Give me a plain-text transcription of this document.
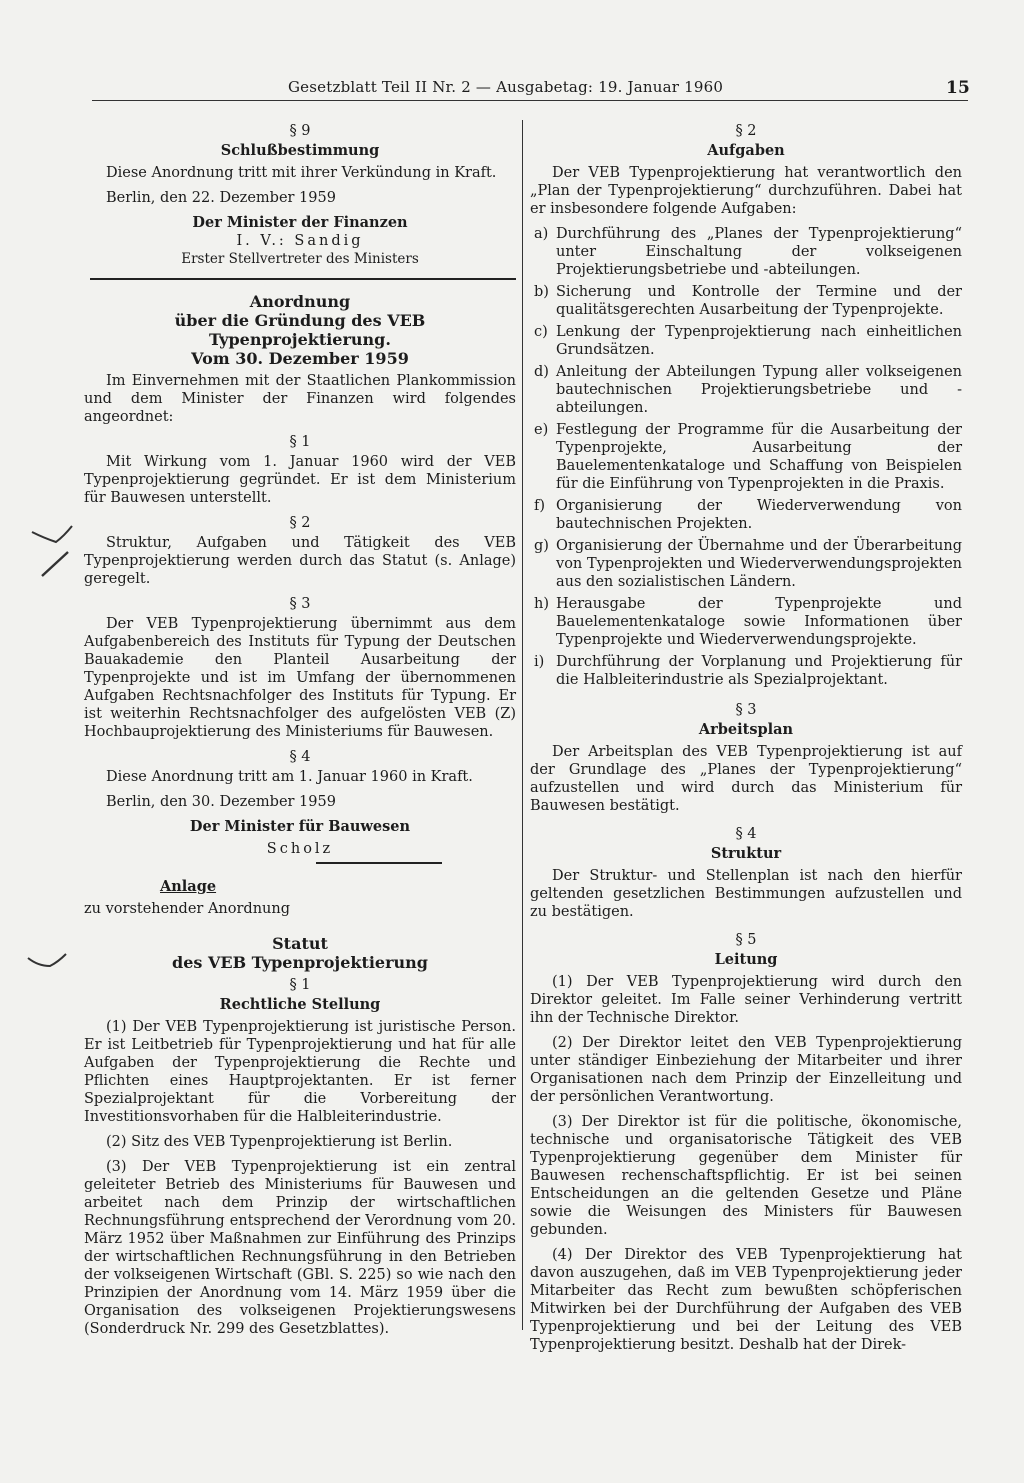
Gesetzblatt Teil II Nr. 2 — Ausgabetag: 19. Januar 1960	15
§ 9
Schlußbestimmung

Diese Anordnung tritt mit ihrer Verkündung in Kraft.

Berlin, den 22. Dezember 1959

Der Minister der Finanzen
I. V.: Sandig
Erster Stellvertreter des Ministers
Anordnung
über die Gründung des VEB Typenprojektierung.
Vom 30. Dezember 1959

Im Einvernehmen mit der Staatlichen Plankommission und dem Minister der Finanzen wird folgendes angeordnet:

§ 1

Mit Wirkung vom 1. Januar 1960 wird der VEB Typenprojektierung gegründet. Er ist dem Ministerium für Bauwesen unterstellt.

§ 2

Struktur, Aufgaben und Tätigkeit des VEB Typenprojektierung werden durch das Statut (s. Anlage) geregelt.

§ 3

Der VEB Typenprojektierung übernimmt aus dem Aufgabenbereich des Instituts für Typung der Deutschen Bauakademie den Planteil Ausarbeitung der Typenprojekte und ist im Umfang der übernommenen Aufgaben Rechtsnachfolger des Instituts für Typung. Er ist weiterhin Rechtsnachfolger des aufgelösten VEB (Z) Hochbauprojektierung des Ministeriums für Bauwesen.

§ 4

Diese Anordnung tritt am 1. Januar 1960 in Kraft.

Berlin, den 30. Dezember 1959

Der Minister für Bauwesen
Scholz
Anlage

zu vorstehender Anordnung

Statut
des VEB Typenprojektierung
§ 1
Rechtliche Stellung

(1) Der VEB Typenprojektierung ist juristische Person. Er ist Leitbetrieb für Typenprojektierung und hat für alle Aufgaben der Typenprojektierung die Rechte und Pflichten eines Hauptprojektanten. Er ist ferner Spezialprojektant für die Vorbereitung der Investitionsvorhaben für die Halbleiterindustrie.

(2) Sitz des VEB Typenprojektierung ist Berlin.

(3) Der VEB Typenprojektierung ist ein zentral geleiteter Betrieb des Ministeriums für Bauwesen und arbeitet nach dem Prinzip der wirtschaftlichen Rechnungsführung entsprechend der Verordnung vom 20. März 1952 über Maßnahmen zur Einführung des Prinzips der wirtschaftlichen Rechnungsführung in den Betrieben der volkseigenen Wirtschaft (GBl. S. 225) so wie nach den Prinzipien der Anordnung vom 14. März 1959 über die Organisation des volkseigenen Projektierungswesens (Sonderdruck Nr. 299 des Gesetzblattes).

§ 2
Aufgaben

Der VEB Typenprojektierung hat verantwortlich den „Plan der Typenprojektierung“ durchzuführen. Dabei hat er insbesondere folgende Aufgaben:

a) Durchführung des „Planes der Typenprojektierung“ unter Einschaltung der volkseigenen Projektierungsbetriebe und -abteilungen.
b) Sicherung und Kontrolle der Termine und der qualitätsgerechten Ausarbeitung der Typenprojekte.
c) Lenkung der Typenprojektierung nach einheitlichen Grundsätzen.
d) Anleitung der Abteilungen Typung aller volkseigenen bautechnischen Projektierungsbetriebe und -abteilungen.
e) Festlegung der Programme für die Ausarbeitung der Typenprojekte, Ausarbeitung der Bauelementenkataloge und Schaffung von Beispielen für die Einführung von Typenprojekten in die Praxis.
f) Organisierung der Wiederverwendung von bautechnischen Projekten.
g) Organisierung der Übernahme und der Überarbeitung von Typenprojekten und Wiederverwendungsprojekten aus den sozialistischen Ländern.
h) Herausgabe der Typenprojekte und Bauelementenkataloge sowie Informationen über Typenprojekte und Wiederverwendungsprojekte.
i) Durchführung der Vorplanung und Projektierung für die Halbleiterindustrie als Spezialprojektant.
§ 3
Arbeitsplan

Der Arbeitsplan des VEB Typenprojektierung ist auf der Grundlage des „Planes der Typenprojektierung“ aufzustellen und wird durch das Ministerium für Bauwesen bestätigt.

§ 4
Struktur

Der Struktur- und Stellenplan ist nach den hierfür geltenden gesetzlichen Bestimmungen aufzustellen und zu bestätigen.

§ 5
Leitung

(1) Der VEB Typenprojektierung wird durch den Direktor geleitet. Im Falle seiner Verhinderung vertritt ihn der Technische Direktor.

(2) Der Direktor leitet den VEB Typenprojektierung unter ständiger Einbeziehung der Mitarbeiter und ihrer Organisationen nach dem Prinzip der Einzelleitung und der persönlichen Verantwortung.

(3) Der Direktor ist für die politische, ökonomische, technische und organisatorische Tätigkeit des VEB Typenprojektierung gegenüber dem Minister für Bauwesen rechenschaftspflichtig. Er ist bei seinen Entscheidungen an die geltenden Gesetze und Pläne sowie die Weisungen des Ministers für Bauwesen gebunden.

(4) Der Direktor des VEB Typenprojektierung hat davon auszugehen, daß im VEB Typenprojektierung jeder Mitarbeiter das Recht zum bewußten schöpferischen Mitwirken bei der Durchführung der Aufgaben des VEB Typenprojektierung und bei der Leitung des VEB Typenprojektierung besitzt. Deshalb hat der Direk-
